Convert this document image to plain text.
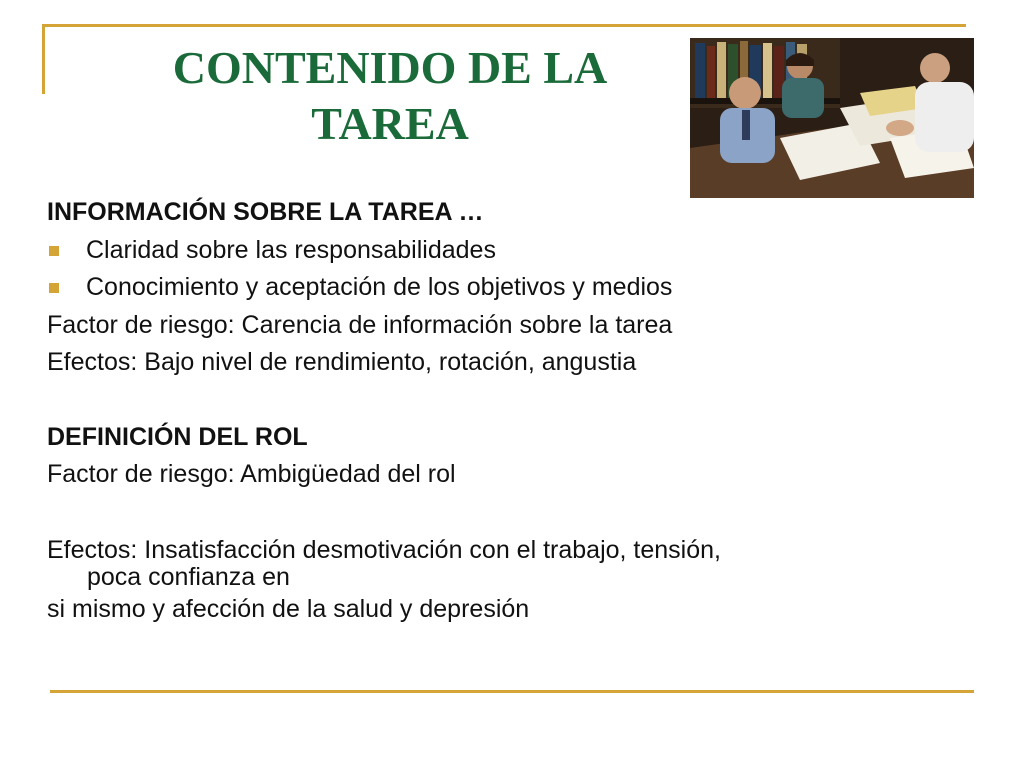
CONTENIDO DE LA
TAREA
INFORMACIÓN SOBRE LA TAREA …
Claridad sobre las responsabilidades
Conocimiento y aceptación de los objetivos y medios
Factor de riesgo: Carencia de información sobre la tarea
Efectos: Bajo nivel de rendimiento, rotación, angustia
DEFINICIÓN DEL ROL
Factor de riesgo: Ambigüedad del rol
Efectos: Insatisfacción desmotivación con el trabajo, tensión,
poca confianza en
si mismo y afección de la salud y depresión
